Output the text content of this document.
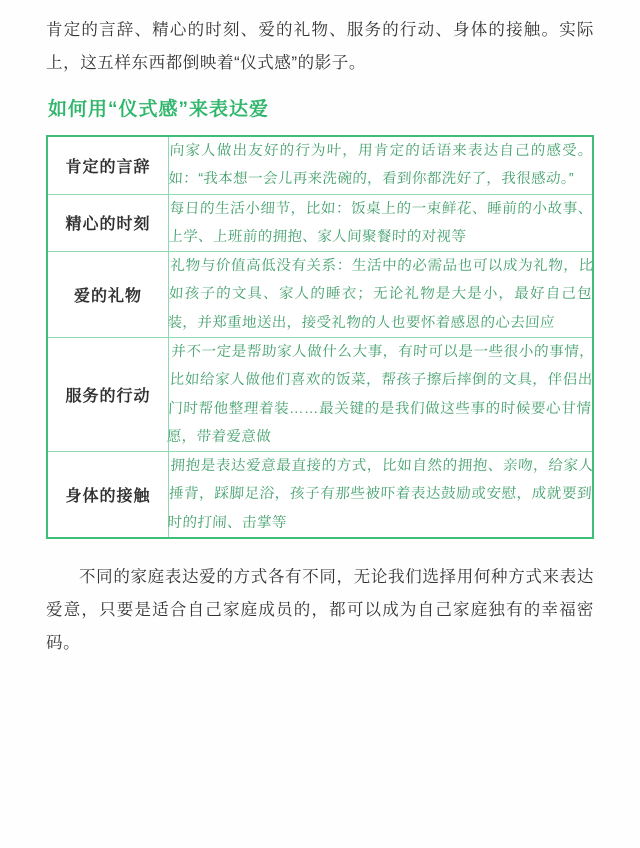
肯定的言辞、精心的时刻、爱的礼物、服务的行动、身体的接触。实际上，这五样东西都倒映着“仪式感”的影子。

如何用“仪式感”来表达爱
肯定的言辞	向家人做出友好的行为叶，用肯定的话语来表达自己的感受。如：“我本想一会儿再来洗碗的，看到你都洗好了，我很感动。”

精心的时刻	每日的生活小细节，比如：饭桌上的一束鲜花、睡前的小故事、上学、上班前的拥抱、家人间聚餐时的对视等

爱的礼物	礼物与价值高低没有关系：生活中的必需品也可以成为礼物，比如孩子的文具、家人的睡衣；无论礼物是大是小，最好自己包装，并郑重地送出，接受礼物的人也要怀着感恩的心去回应

服务的行动	并不一定是帮助家人做什么大事，有时可以是一些很小的事情，比如给家人做他们喜欢的饭菜，帮孩子擦后摔倒的文具，伴侣出门时帮他整理着装……最关键的是我们做这些事的时候要心甘情愿，带着爱意做

身体的接触	拥抱是表达爱意最直接的方式，比如自然的拥抱、亲吻，给家人捶背，踩脚足浴，孩子有那些被吓着表达鼓励或安慰，成就要到时的打闹、击掌等

不同的家庭表达爱的方式各有不同，无论我们选择用何种方式来表达爱意，只要是适合自己家庭成员的，都可以成为自己家庭独有的幸福密码。
